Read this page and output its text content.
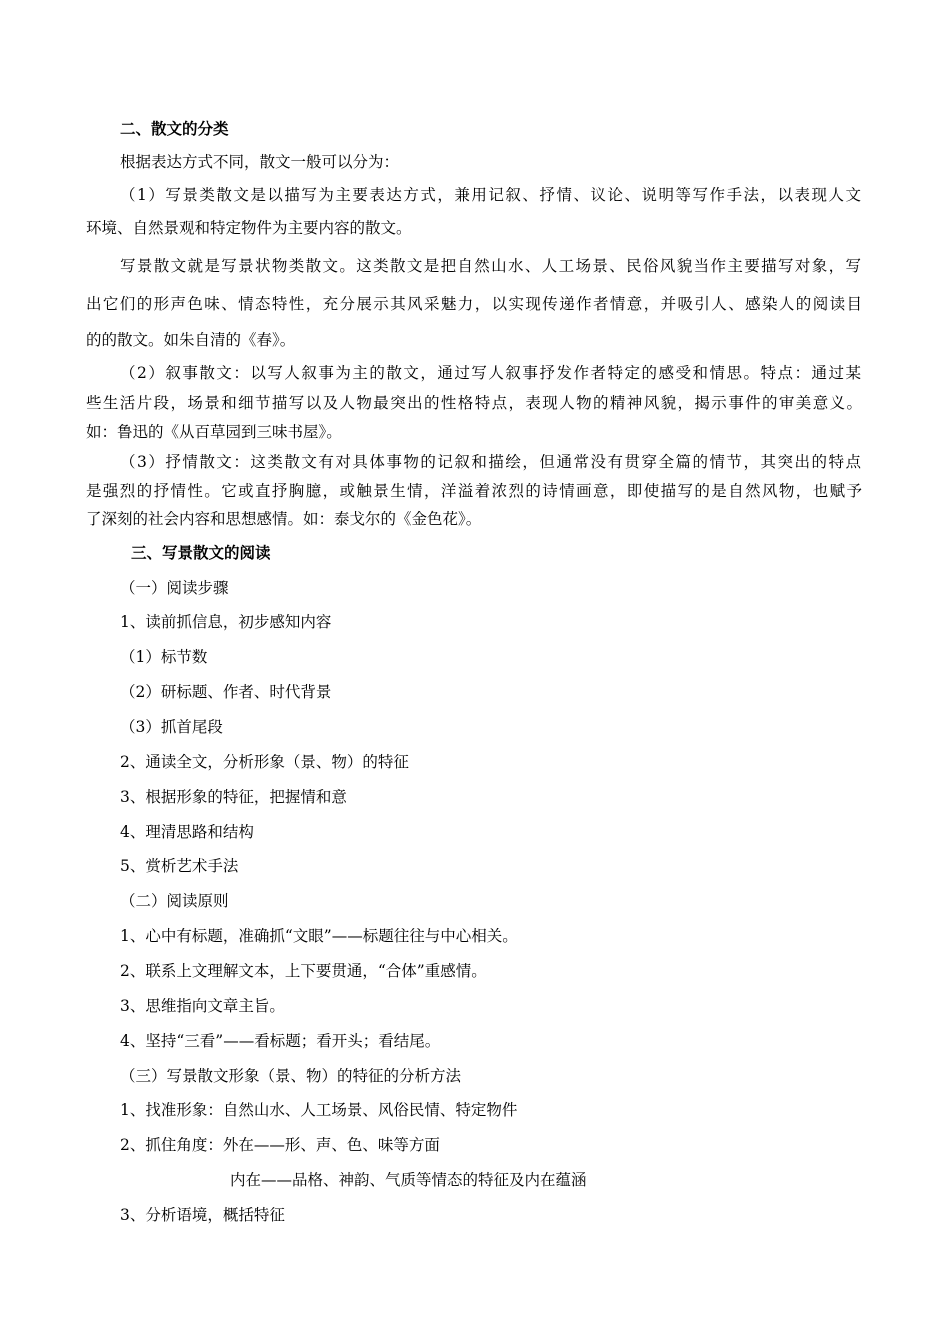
二、散文的分类
根据表达方式不同，散文一般可以分为：
（1）写景类散文是以描写为主要表达方式，兼用记叙、抒情、议论、说明等写作手法，以表现人文
环境、自然景观和特定物件为主要内容的散文。
写景散文就是写景状物类散文。这类散文是把自然山水、人工场景、民俗风貌当作主要描写对象，写
出它们的形声色味、情态特性，充分展示其风采魅力，以实现传递作者情意，并吸引人、感染人的阅读目
的的散文。如朱自清的《春》。
（2）叙事散文：以写人叙事为主的散文，通过写人叙事抒发作者特定的感受和情思。特点：通过某
些生活片段，场景和细节描写以及人物最突出的性格特点，表现人物的精神风貌，揭示事件的审美意义。
如：鲁迅的《从百草园到三味书屋》。
（3）抒情散文：这类散文有对具体事物的记叙和描绘，但通常没有贯穿全篇的情节，其突出的特点
是强烈的抒情性。它或直抒胸臆，或触景生情，洋溢着浓烈的诗情画意，即使描写的是自然风物，也赋予
了深刻的社会内容和思想感情。如：泰戈尔的《金色花》。
三、写景散文的阅读
（一）阅读步骤
1、读前抓信息，初步感知内容
（1）标节数
（2）研标题、作者、时代背景
（3）抓首尾段
2、通读全文，分析形象（景、物）的特征
3、根据形象的特征，把握情和意
4、理清思路和结构
5、赏析艺术手法
（二）阅读原则
1、心中有标题，准确抓“文眼”——标题往往与中心相关。
2、联系上文理解文本，上下要贯通，“合体”重感情。
3、思维指向文章主旨。
4、坚持“三看”——看标题；看开头；看结尾。
（三）写景散文形象（景、物）的特征的分析方法
1、找准形象：自然山水、人工场景、风俗民情、特定物件
2、抓住角度：外在——形、声、色、味等方面
内在——品格、神韵、气质等情态的特征及内在蕴涵
3、分析语境，概括特征
